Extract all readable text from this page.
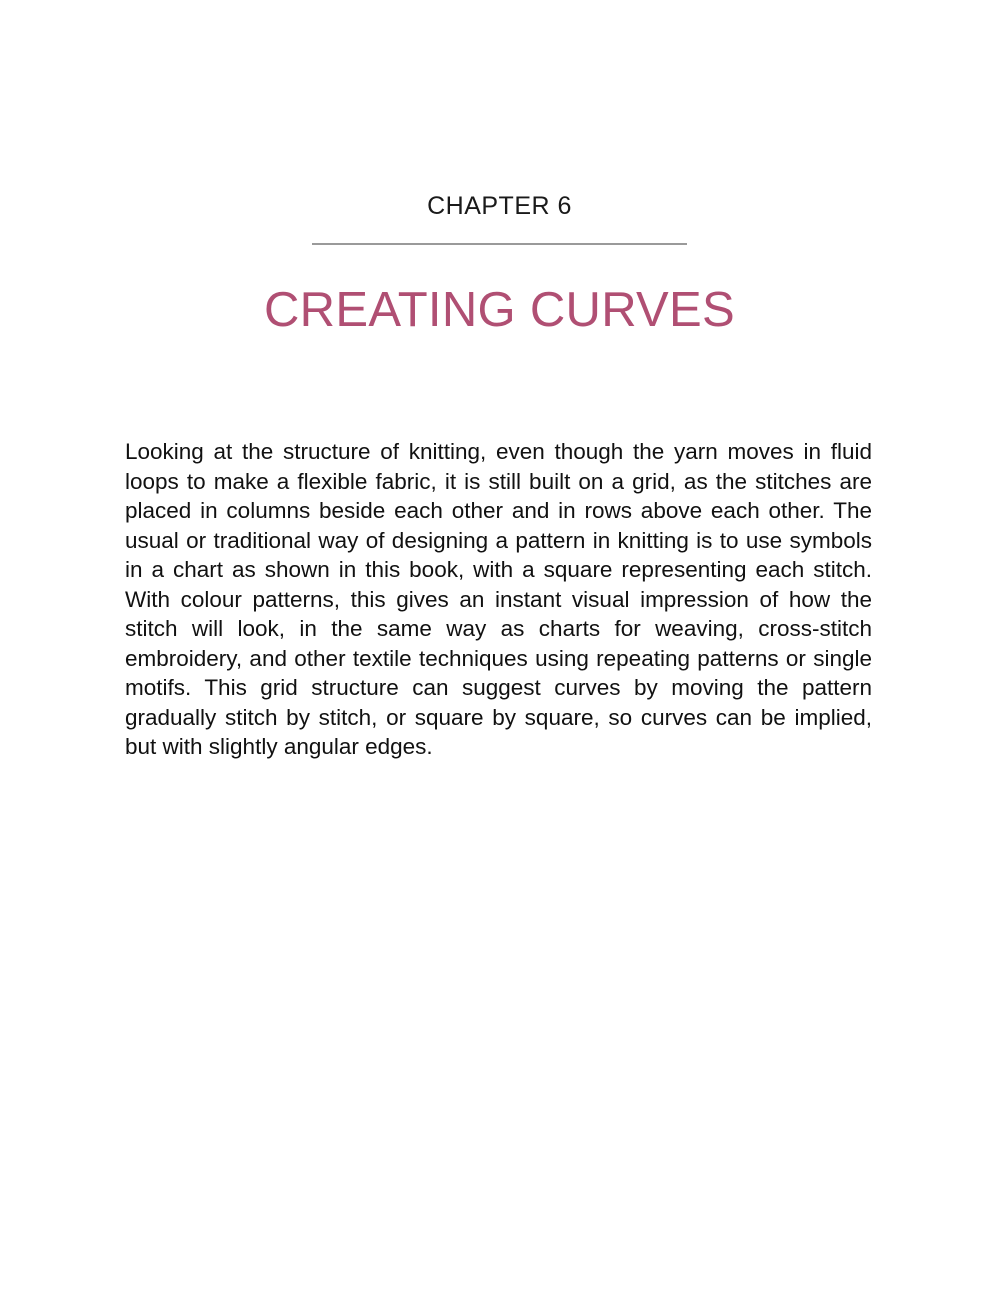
CHAPTER 6
CREATING CURVES

Looking at the structure of knitting, even though the yarn moves in fluid loops to make a flexible fabric, it is still built on a grid, as the stitches are placed in columns beside each other and in rows above each other. The usual or traditional way of designing a pattern in knitting is to use symbols in a chart as shown in this book, with a square representing each stitch. With colour patterns, this gives an instant visual impression of how the stitch will look, in the same way as charts for weaving, cross-stitch embroidery, and other textile techniques using repeating patterns or single motifs. This grid structure can suggest curves by moving the pattern gradually stitch by stitch, or square by square, so curves can be implied, but with slightly angular edges.
